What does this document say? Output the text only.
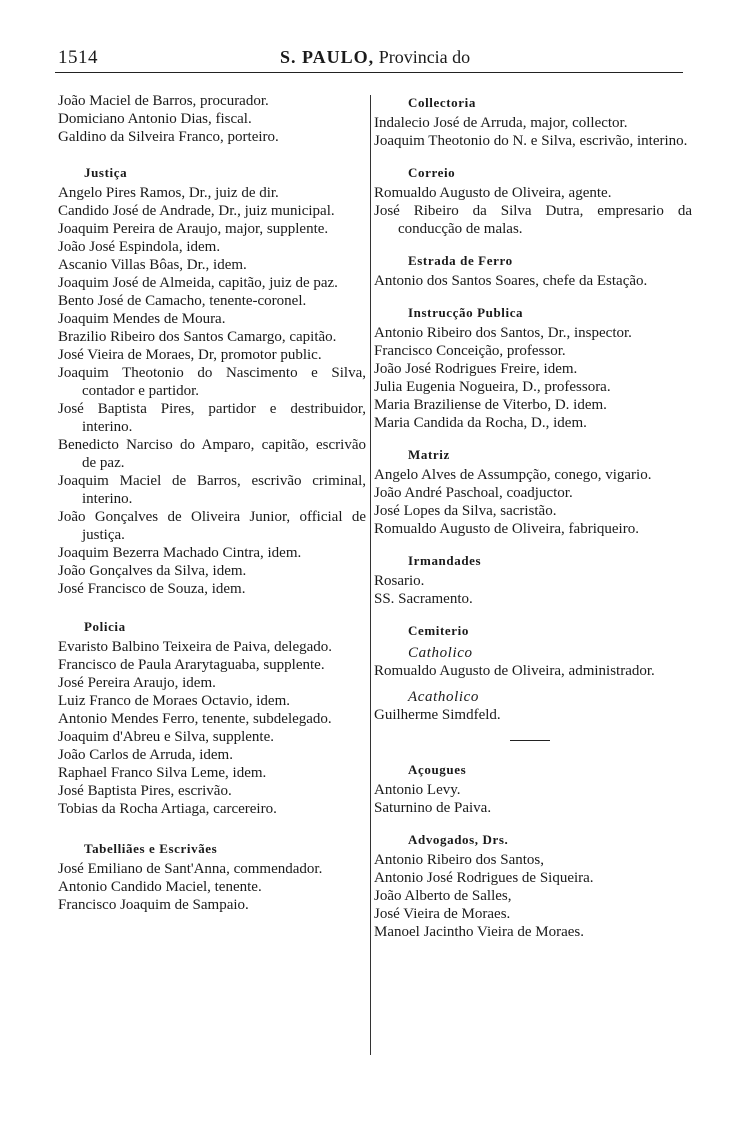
1514	S. PAULO, Provincia do

João Maciel de Barros, procurador.

Domiciano Antonio Dias, fiscal.

Galdino da Silveira Franco, porteiro.

Justiça

Angelo Pires Ramos, Dr., juiz de dir.

Candido José de Andrade, Dr., juiz municipal.

Joaquim Pereira de Araujo, major, supplente.

João José Espindola, idem.

Ascanio Villas Bôas, Dr., idem.

Joaquim José de Almeida, capitão, juiz de paz.

Bento José de Camacho, tenente-coronel.

Joaquim Mendes de Moura.

Brazilio Ribeiro dos Santos Camargo, capitão.

José Vieira de Moraes, Dr, promotor public.

Joaquim Theotonio do Nascimento e Silva, contador e partidor.

José Baptista Pires, partidor e destribuidor, interino.

Benedicto Narciso do Amparo, capitão, escrivão de paz.

Joaquim Maciel de Barros, escrivão criminal, interino.

João Gonçalves de Oliveira Junior, official de justiça.

Joaquim Bezerra Machado Cintra, idem.

João Gonçalves da Silva, idem.

José Francisco de Souza, idem.

Policia

Evaristo Balbino Teixeira de Paiva, delegado.

Francisco de Paula Ararytaguaba, supplente.

José Pereira Araujo, idem.

Luiz Franco de Moraes Octavio, idem.

Antonio Mendes Ferro, tenente, subdelegado.

Joaquim d'Abreu e Silva, supplente.

João Carlos de Arruda, idem.

Raphael Franco Silva Leme, idem.

José Baptista Pires, escrivão.

Tobias da Rocha Artiaga, carcereiro.

Tabelliães e Escrivães

José Emiliano de Sant'Anna, commendador.

Antonio Candido Maciel, tenente.

Francisco Joaquim de Sampaio.

Collectoria

Indalecio José de Arruda, major, collector.

Joaquim Theotonio do N. e Silva, escrivão, interino.

Correio

Romualdo Augusto de Oliveira, agente.

José Ribeiro da Silva Dutra, empresario da conducção de malas.

Estrada de Ferro

Antonio dos Santos Soares, chefe da Estação.

Instrucção Publica

Antonio Ribeiro dos Santos, Dr., inspector.

Francisco Conceição, professor.

João José Rodrigues Freire, idem.

Julia Eugenia Nogueira, D., professora.

Maria Braziliense de Viterbo, D. idem.

Maria Candida da Rocha, D., idem.

Matriz

Angelo Alves de Assumpção, conego, vigario.

João André Paschoal, coadjuctor.

José Lopes da Silva, sacristão.

Romualdo Augusto de Oliveira, fabriqueiro.

Irmandades

Rosario.

SS. Sacramento.

Cemiterio
Catholico

Romualdo Augusto de Oliveira, administrador.

Acatholico

Guilherme Simdfeld.

Açougues

Antonio Levy.

Saturnino de Paiva.

Advogados, Drs.

Antonio Ribeiro dos Santos,

Antonio José Rodrigues de Siqueira.

João Alberto de Salles,

José Vieira de Moraes.

Manoel Jacintho Vieira de Moraes.
